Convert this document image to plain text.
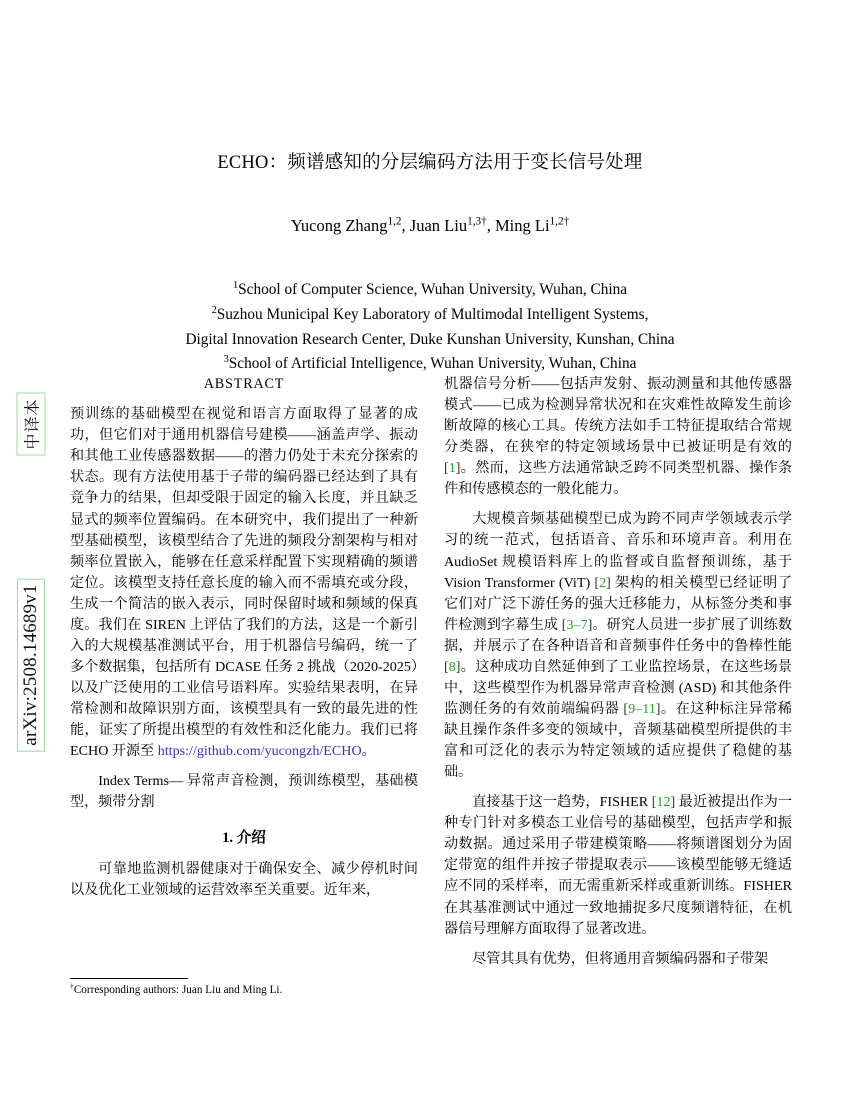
中译本
arXiv:2508.14689v1
ECHO：频谱感知的分层编码方法用于变长信号处理
Yucong Zhang$^{1,2}$, Juan Liu$^{1,3\dagger}$, Ming $Li^{1,2\dagger}$
$^1$School of Computer Science, Wuhan University, Wuhan, China
$^2$Suzhou Municipal Key Laboratory of Multimodal Intelligent Systems,
Digital Innovation Research Center, Duke Kunshan University, Kunshan, China
$^3$School of Artificial Intelligence, Wuhan University, Wuhan, China
ABSTRACT

预训练的基础模型在视觉和语言方面取得了显著的成功，但它们对于通用机器信号建模——涵盖声学、振动和其他工业传感器数据——的潜力仍处于未充分探索的状态。现有方法使用基于子带的编码器已经达到了具有竞争力的结果，但却受限于固定的输入长度，并且缺乏显式的频率位置编码。在本研究中，我们提出了一种新型基础模型，该模型结合了先进的频段分割架构与相对频率位置嵌入，能够在任意采样配置下实现精确的频谱定位。该模型支持任意长度的输入而不需填充或分段，生成一个简洁的嵌入表示，同时保留时域和频域的保真度。我们在 SIREN 上评估了我们的方法，这是一个新引入的大规模基准测试平台，用于机器信号编码，统一了多个数据集，包括所有 DCASE 任务 2 挑战（2020-2025）以及广泛使用的工业信号语料库。实验结果表明，在异常检测和故障识别方面，该模型具有一致的最先进的性能，证实了所提出模型的有效性和泛化能力。我们已将 ECHO 开源至 https://github.com/yucongzh/ECHO。

Index Terms— 异常声音检测，预训练模型，基础模型，频带分割

1. 介绍

可靠地监测机器健康对于确保安全、减少停机时间以及优化工业领域的运营效率至关重要。近年来，

机器信号分析——包括声发射、振动测量和其他传感器模式——已成为检测异常状况和在灾难性故障发生前诊断故障的核心工具。传统方法如手工特征提取结合常规分类器，在狭窄的特定领域场景中已被证明是有效的 [1]。然而，这些方法通常缺乏跨不同类型机器、操作条件和传感模态的一般化能力。

大规模音频基础模型已成为跨不同声学领域表示学习的统一范式，包括语音、音乐和环境声音。利用在 AudioSet 规模语料库上的监督或自监督预训练，基于 Vision Transformer (ViT) [2] 架构的相关模型已经证明了它们对广泛下游任务的强大迁移能力，从标签分类和事件检测到字幕生成 [3–7]。研究人员进一步扩展了训练数据，并展示了在各种语音和音频事件任务中的鲁棒性能 [8]。这种成功自然延伸到了工业监控场景，在这些场景中，这些模型作为机器异常声音检测 (ASD) 和其他条件监测任务的有效前端编码器 [9–11]。在这种标注异常稀缺且操作条件多变的领域中，音频基础模型所提供的丰富和可泛化的表示为特定领域的适应提供了稳健的基础。

直接基于这一趋势，FISHER [12] 最近被提出作为一种专门针对多模态工业信号的基础模型，包括声学和振动数据。通过采用子带建模策略——将频谱图划分为固定带宽的组件并按子带提取表示——该模型能够无缝适应不同的采样率，而无需重新采样或重新训练。FISHER 在其基准测试中通过一致地捕捉多尺度频谱特征，在机器信号理解方面取得了显著改进。

尽管其具有优势，但将通用音频编码器和子带架

†Corresponding authors: Juan Liu and Ming Li.
